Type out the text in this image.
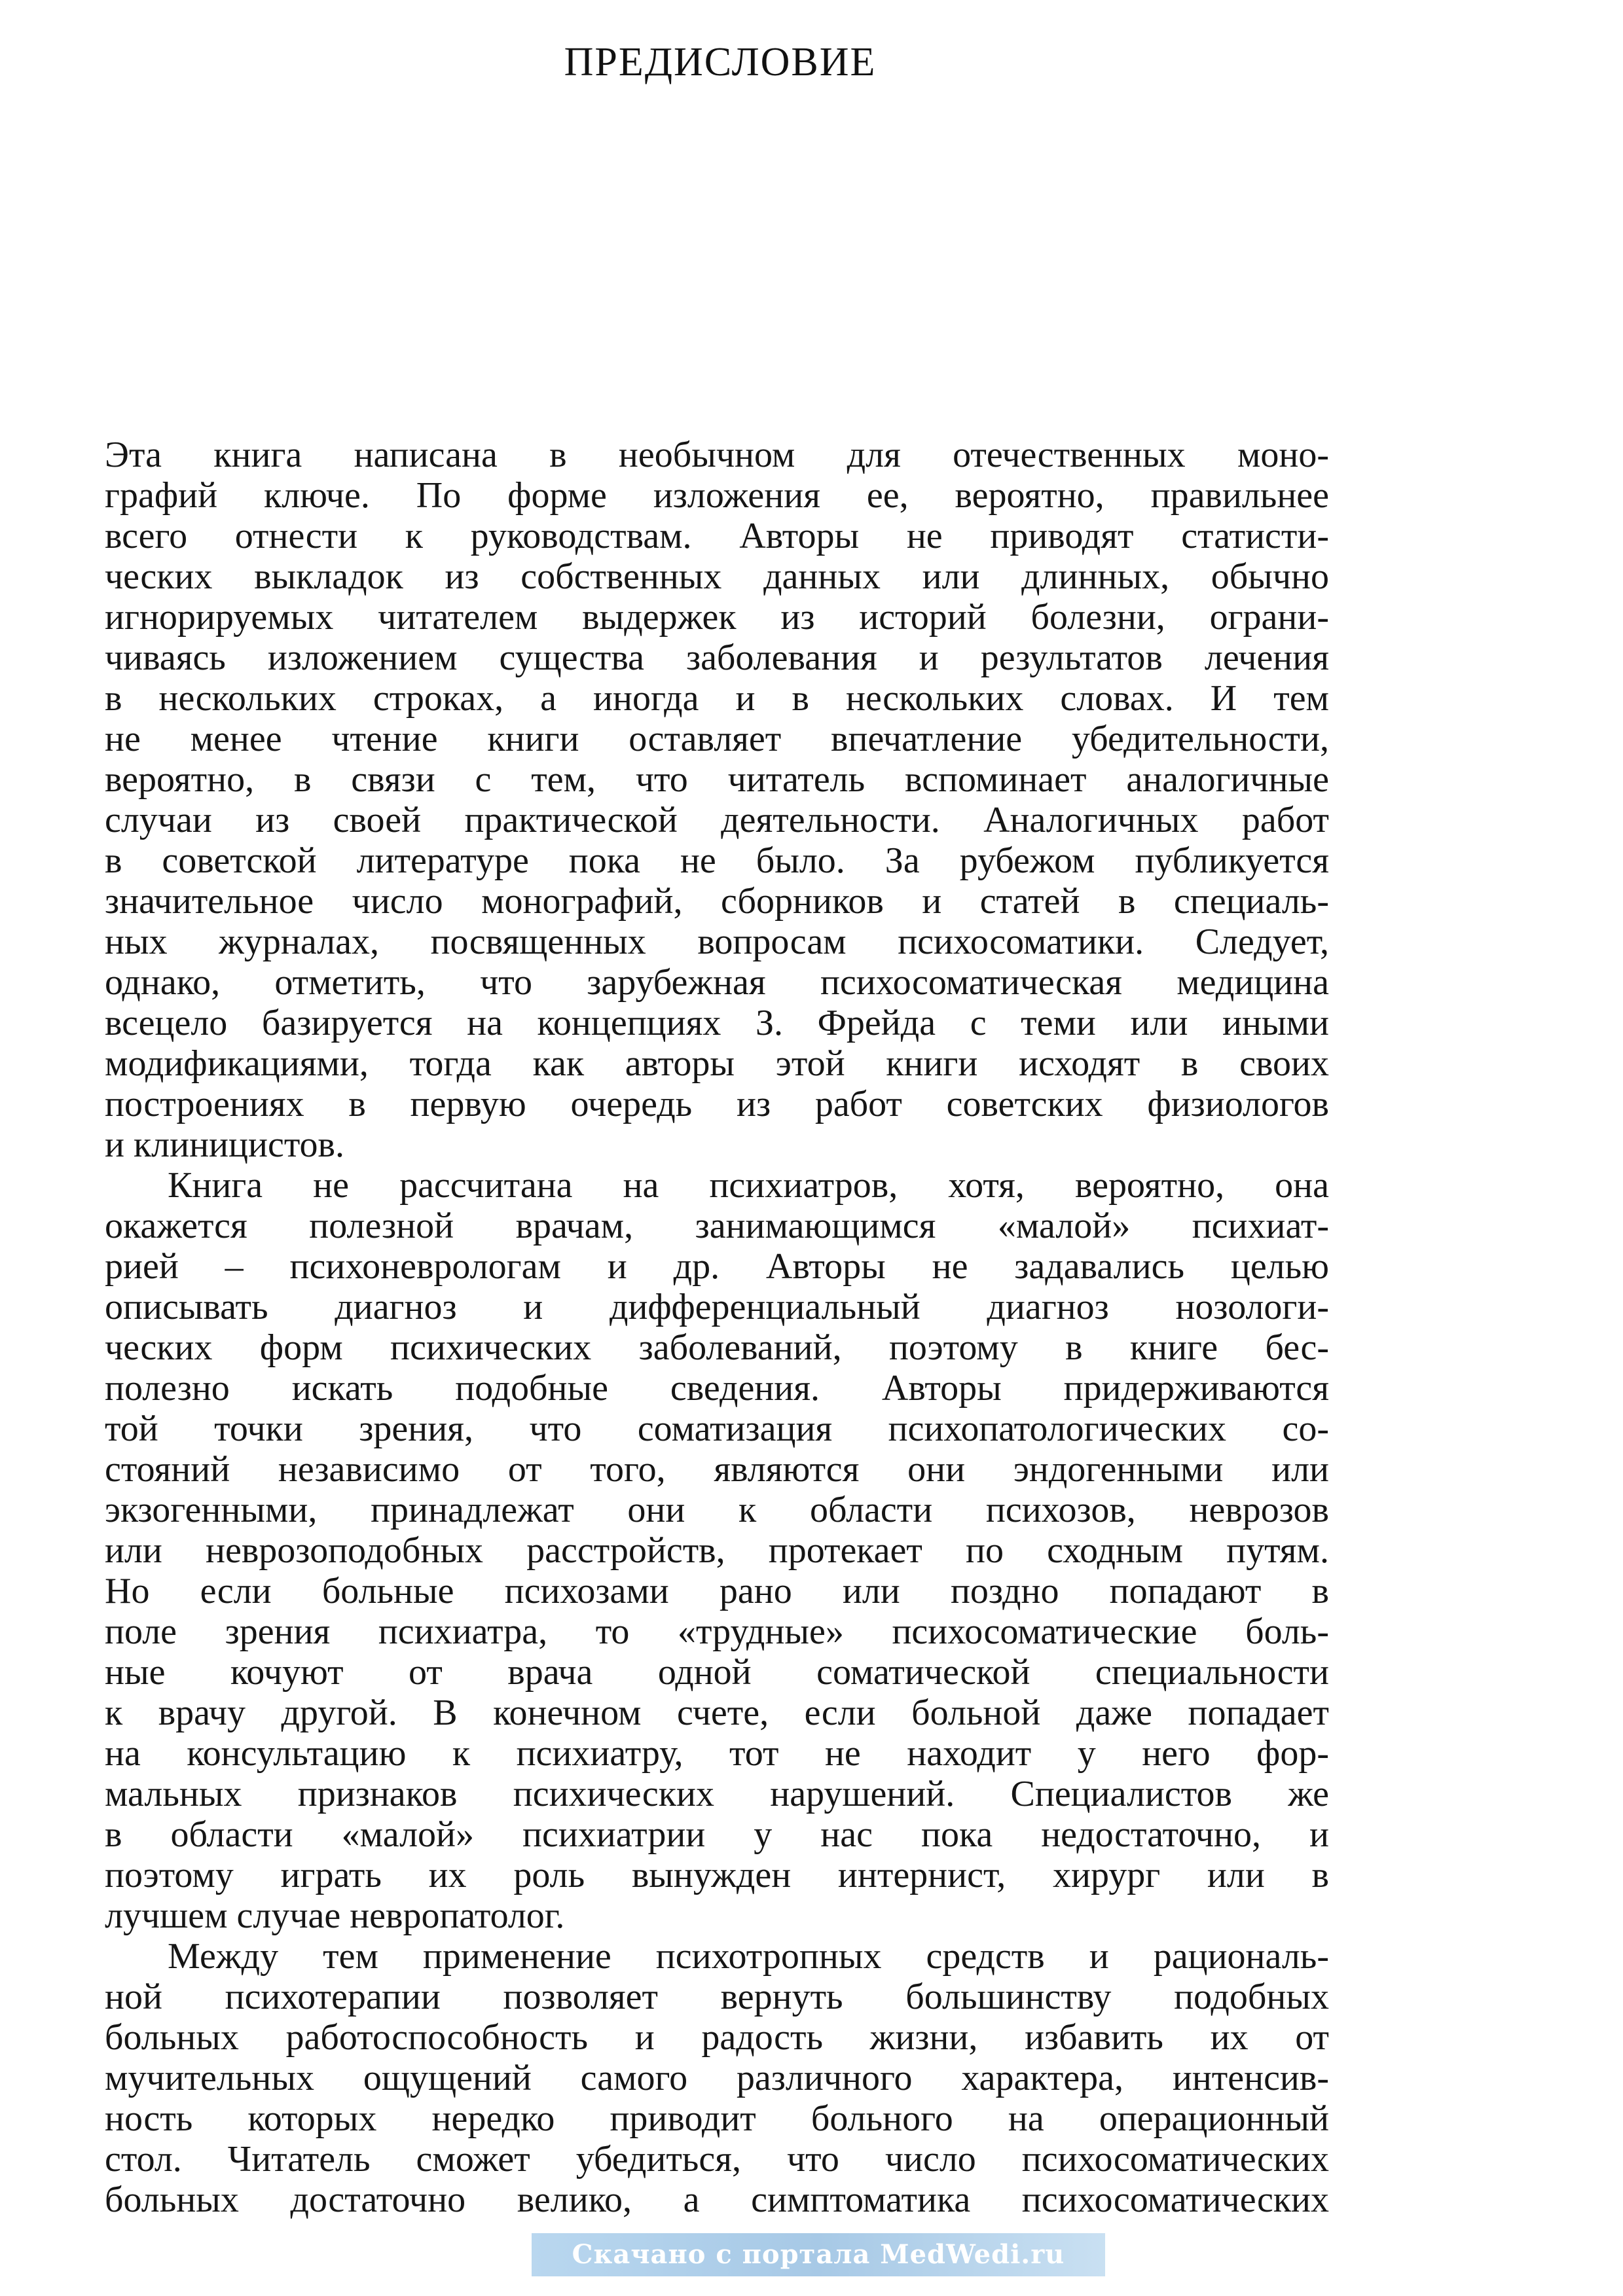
ПРЕДИСЛОВИЕ
Эта книга написана в необычном для отечественных моно-
графий ключе. По форме изложения ее, вероятно, правильнее
всего отнести к руководствам. Авторы не приводят статисти-
ческих выкладок из собственных данных или длинных, обычно
игнорируемых читателем выдержек из историй болезни, ограни-
чиваясь изложением существа заболевания и результатов лечения
в нескольких строках, а иногда и в нескольких словах. И тем
не менее чтение книги оставляет впечатление убедительности,
вероятно, в связи с тем, что читатель вспоминает аналогичные
случаи из своей практической деятельности. Аналогичных работ
в советской литературе пока не было. За рубежом публикуется
значительное число монографий, сборников и статей в специаль-
ных журналах, посвященных вопросам психосоматики. Следует,
однако, отметить, что зарубежная психосоматическая медицина
всецело базируется на концепциях З. Фрейда с теми или иными
модификациями, тогда как авторы этой книги исходят в своих
построениях в первую очередь из работ советских физиологов
и клиницистов.
Книга не рассчитана на психиатров, хотя, вероятно, она
окажется полезной врачам, занимающимся «малой» психиат-
рией – психоневрологам и др. Авторы не задавались целью
описывать диагноз и дифференциальный диагноз нозологи-
ческих форм психических заболеваний, поэтому в книге бес-
полезно искать подобные сведения. Авторы придерживаются
той точки зрения, что соматизация психопатологических со-
стояний независимо от того, являются они эндогенными или
экзогенными, принадлежат они к области психозов, неврозов
или неврозоподобных расстройств, протекает по сходным путям.
Но если больные психозами рано или поздно попадают в
поле зрения психиатра, то «трудные» психосоматические боль-
ные кочуют от врача одной соматической специальности
к врачу другой. В конечном счете, если больной даже попадает
на консультацию к психиатру, тот не находит у него фор-
мальных признаков психических нарушений. Специалистов же
в области «малой» психиатрии у нас пока недостаточно, и
поэтому играть их роль вынужден интернист, хирург или в
лучшем случае невропатолог.
Между тем применение психотропных средств и рациональ-
ной психотерапии позволяет вернуть большинству подобных
больных работоспособность и радость жизни, избавить их от
мучительных ощущений самого различного характера, интенсив-
ность которых нередко приводит больного на операционный
стол. Читатель сможет убедиться, что число психосоматических
больных достаточно велико, а симптоматика психосоматических
Скачано с портала MedWedi.ru
